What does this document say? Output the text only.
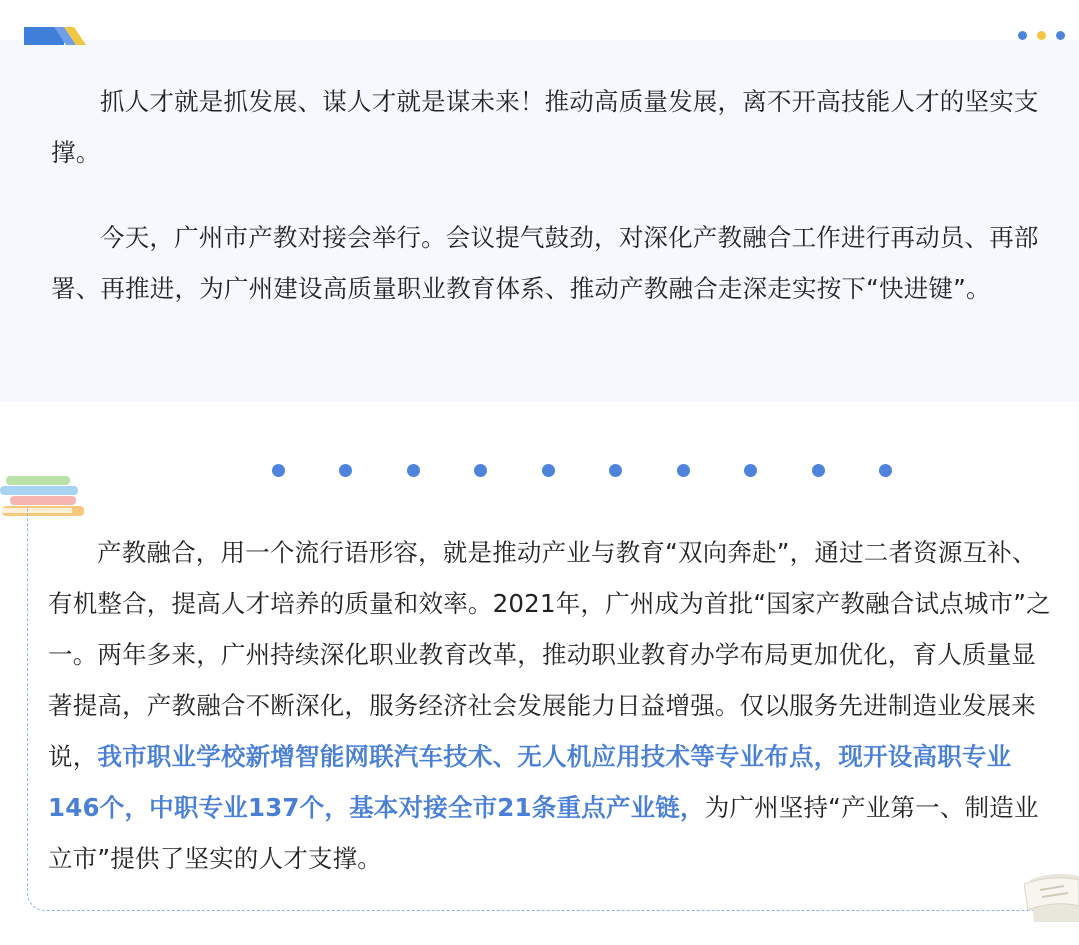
抓人才就是抓发展、谋人才就是谋未来！推动高质量发展，离不开高技能人才的坚实支撑。

今天，广州市产教对接会举行。会议提气鼓劲，对深化产教融合工作进行再动员、再部署、再推进，为广州建设高质量职业教育体系、推动产教融合走深走实按下“快进键”。

产教融合，用一个流行语形容，就是推动产业与教育“双向奔赴”，通过二者资源互补、有机整合，提高人才培养的质量和效率。2021年，广州成为首批“国家产教融合试点城市”之一。两年多来，广州持续深化职业教育改革，推动职业教育办学布局更加优化，育人质量显著提高，产教融合不断深化，服务经济社会发展能力日益增强。仅以服务先进制造业发展来说，我市职业学校新增智能网联汽车技术、无人机应用技术等专业布点，现开设高职专业146个，中职专业137个，基本对接全市21条重点产业链，为广州坚持“产业第一、制造业立市”提供了坚实的人才支撑。
